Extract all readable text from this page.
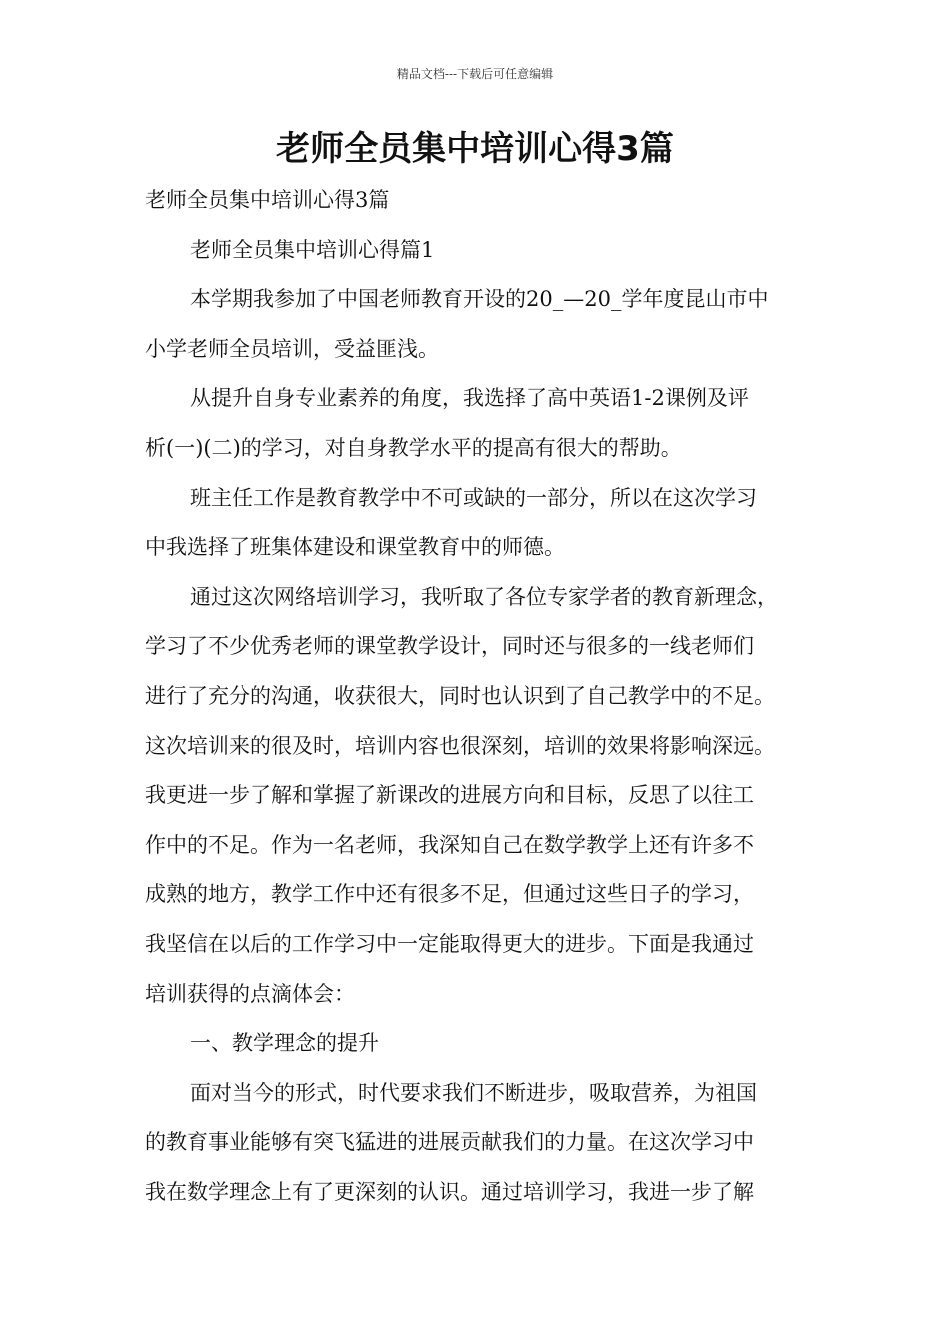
精品文档---下载后可任意编辑
老师全员集中培训心得3篇
老师全员集中培训心得3篇
老师全员集中培训心得篇1
本学期我参加了中国老师教育开设的20_—20_学年度昆山市中
小学老师全员培训，受益匪浅。
从提升自身专业素养的角度，我选择了高中英语1-2课例及评
析(一)(二)的学习，对自身教学水平的提高有很大的帮助。
班主任工作是教育教学中不可或缺的一部分，所以在这次学习
中我选择了班集体建设和课堂教育中的师德。
通过这次网络培训学习，我听取了各位专家学者的教育新理念，
学习了不少优秀老师的课堂教学设计，同时还与很多的一线老师们
进行了充分的沟通，收获很大，同时也认识到了自己教学中的不足。
这次培训来的很及时，培训内容也很深刻，培训的效果将影响深远。
我更进一步了解和掌握了新课改的进展方向和目标，反思了以往工
作中的不足。作为一名老师，我深知自己在数学教学上还有许多不
成熟的地方，教学工作中还有很多不足，但通过这些日子的学习，
我坚信在以后的工作学习中一定能取得更大的进步。下面是我通过
培训获得的点滴体会：
一、教学理念的提升
面对当今的形式，时代要求我们不断进步，吸取营养，为祖国
的教育事业能够有突飞猛进的进展贡献我们的力量。在这次学习中
我在数学理念上有了更深刻的认识。通过培训学习，我进一步了解
